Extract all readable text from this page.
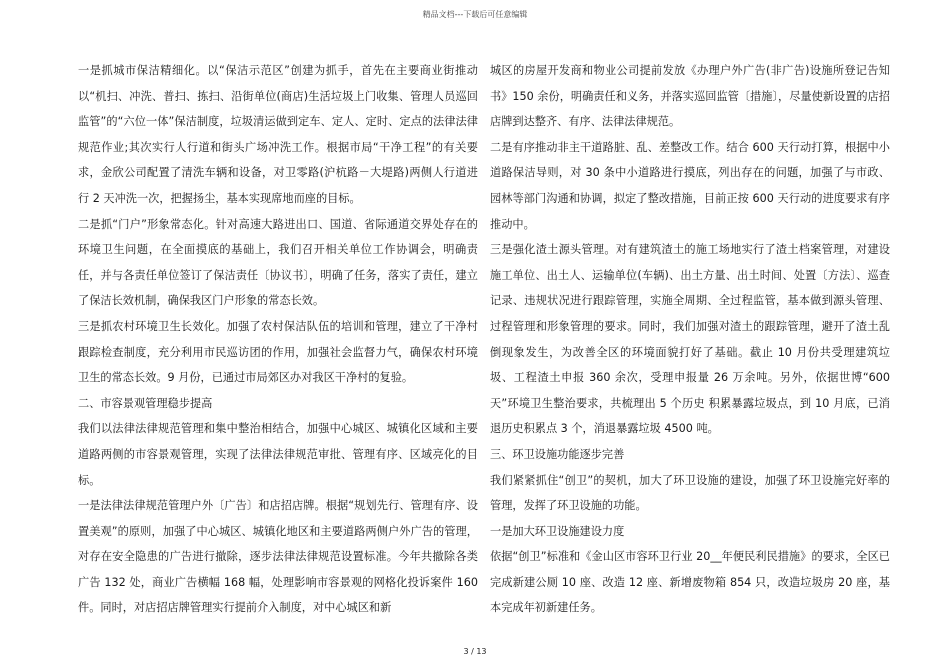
精品文档---下载后可任意编辑

一是抓城市保洁精细化。以“保洁示范区”创建为抓手，首先在主要商业街推动以“机扫、冲洗、普扫、拣扫、沿街单位(商店)生活垃圾上门收集、管理人员巡回监管”的“六位一体”保洁制度，垃圾清运做到定车、定人、定时、定点的法律法律规范作业;其次实行人行道和街头广场冲洗工作。根据市局“干净工程”的有关要求，金欣公司配置了清洗车辆和设备，对卫零路(沪杭路－大堤路)两侧人行道进行 2 天冲洗一次，把握扬尘，基本实现席地而座的目标。

二是抓“门户”形象常态化。针对高速大路进出口、国道、省际通道交界处存在的环境卫生问题，在全面摸底的基础上，我们召开相关单位工作协调会，明确责任，并与各责任单位签订了保洁责任〔协议书〕，明确了任务，落实了责任，建立了保洁长效机制，确保我区门户形象的常态长效。

三是抓农村环境卫生长效化。加强了农村保洁队伍的培训和管理，建立了干净村跟踪检查制度，充分利用市民巡访团的作用，加强社会监督力气，确保农村环境卫生的常态长效。9 月份，已通过市局郊区办对我区干净村的复验。

二、市容景观管理稳步提高

我们以法律法律规范管理和集中整治相结合，加强中心城区、城镇化区域和主要道路两侧的市容景观管理，实现了法律法律规范审批、管理有序、区域亮化的目标。

一是法律法律规范管理户外〔广告〕和店招店牌。根据“规划先行、管理有序、设置美观”的原则，加强了中心城区、城镇化地区和主要道路两侧户外广告的管理，对存在安全隐患的广告进行撤除，逐步法律法律规范设置标准。今年共撤除各类广告 132 处，商业广告横幅 168 幅，处理影响市容景观的网格化投诉案件 160 件。同时，对店招店牌管理实行提前介入制度，对中心城区和新

城区的房屋开发商和物业公司提前发放《办理户外广告(非广告)设施所登记告知书》150 余份，明确责任和义务，并落实巡回监管〔措施〕，尽量使新设置的店招店牌到达整齐、有序、法律法律规范。

二是有序推动非主干道路脏、乱、差整改工作。结合 600 天行动打算，根据中小道路保洁导则，对 30 条中小道路进行摸底，列出存在的问题，加强了与市政、园林等部门沟通和协调，拟定了整改措施，目前正按 600 天行动的进度要求有序推动中。

三是强化渣土源头管理。对有建筑渣土的施工场地实行了渣土档案管理，对建设施工单位、出土人、运输单位(车辆)、出土方量、出土时间、处置〔方法〕、巡查记录、违规状况进行跟踪管理，实施全周期、全过程监管，基本做到源头管理、过程管理和形象管理的要求。同时，我们加强对渣土的跟踪管理，避开了渣土乱倒现象发生，为改善全区的环境面貌打好了基础。截止 10 月份共受理建筑垃圾、工程渣土申报 360 余次，受理申报量 26 万余吨。另外，依据世博“600 天”环境卫生整治要求，共梳理出 5 个历史 积累暴露垃圾点，到 10 月底，已消退历史积累点 3 个，消退暴露垃圾 4500 吨。

三、环卫设施功能逐步完善

我们紧紧抓住“创卫”的契机，加大了环卫设施的建设，加强了环卫设施完好率的管理，发挥了环卫设施的功能。

一是加大环卫设施建设力度

依据“创卫”标准和《金山区市容环卫行业 20__年便民利民措施》的要求，全区已完成新建公厕 10 座、改造 12 座、新增废物箱 854 只，改造垃圾房 20 座，基本完成年初新建任务。

3 / 13
